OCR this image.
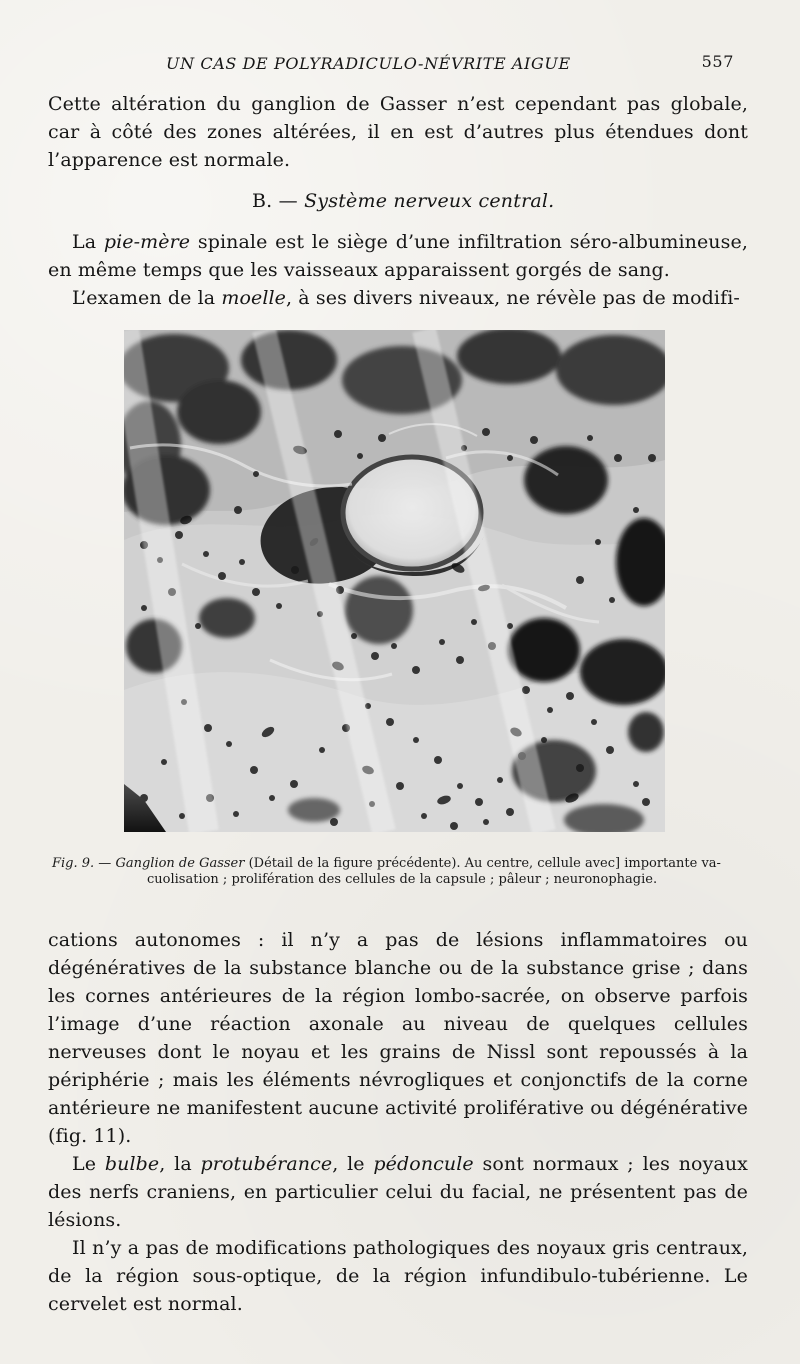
UN CAS DE POLYRADICULO-NÉVRITE AIGUE	557

Cette altération du ganglion de Gasser n’est cependant pas globale, car à côté des zones altérées, il en est d’autres plus étendues dont l’apparence est normale.

B. — Système nerveux central.

La pie-mère spinale est le siège d’une infiltration séro-albumineuse, en même temps que les vaisseaux apparaissent gorgés de sang.

L’examen de la moelle, à ses divers niveaux, ne révèle pas de modifi-

Fig. 9. — Ganglion de Gasser (Détail de la figure précédente). Au centre, cellule avec] importante va-
cuolisation ; prolifération des cellules de la capsule ; pâleur ; neuronophagie.

cations autonomes : il n’y a pas de lésions inflammatoires ou dégénératives de la substance blanche ou de la substance grise ; dans les cornes antérieures de la région lombo-sacrée, on observe parfois l’image d’une réaction axonale au niveau de quelques cellules nerveuses dont le noyau et les grains de Nissl sont repoussés à la périphérie ; mais les éléments névrogliques et conjonctifs de la corne antérieure ne manifestent aucune activité proliférative ou dégénérative (fig. 11).

Le bulbe, la protubérance, le pédoncule sont normaux ; les noyaux des nerfs craniens, en particulier celui du facial, ne présentent pas de lésions.

Il n’y a pas de modifications pathologiques des noyaux gris centraux, de la région sous-optique, de la région infundibulo-tubérienne. Le cervelet est normal.
